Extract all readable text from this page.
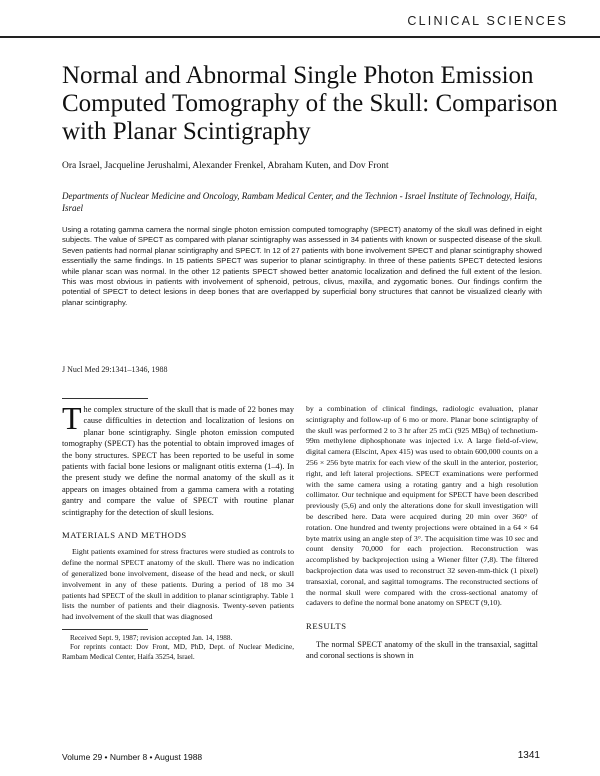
CLINICAL SCIENCES
Normal and Abnormal Single Photon Emission Computed Tomography of the Skull: Comparison with Planar Scintigraphy
Ora Israel, Jacqueline Jerushalmi, Alexander Frenkel, Abraham Kuten, and Dov Front
Departments of Nuclear Medicine and Oncology, Rambam Medical Center, and the Technion - Israel Institute of Technology, Haifa, Israel
Using a rotating gamma camera the normal single photon emission computed tomography (SPECT) anatomy of the skull was defined in eight subjects. The value of SPECT as compared with planar scintigraphy was assessed in 34 patients with known or suspected disease of the skull. Seven patients had normal planar scintigraphy and SPECT. In 12 of 27 patients with bone involvement SPECT and planar scintigraphy showed essentially the same findings. In 15 patients SPECT was superior to planar scintigraphy. In three of these patients SPECT detected lesions while planar scan was normal. In the other 12 patients SPECT showed better anatomic localization and defined the full extent of the lesion. This was most obvious in patients with involvement of sphenoid, petrous, clivus, maxilla, and zygomatic bones. Our findings confirm the potential of SPECT to detect lesions in deep bones that are overlapped by superficial bony structures that cannot be visualized clearly with planar scintigraphy.
J Nucl Med 29:1341–1346, 1988

The complex structure of the skull that is made of 22 bones may cause difficulties in detection and localization of lesions on planar bone scintigraphy. Single photon emission computed tomography (SPECT) has the potential to obtain improved images of the bony structures. SPECT has been reported to be useful in some patients with facial bone lesions or malignant otitis externa (1–4). In the present study we define the normal anatomy of the skull as it appears on images obtained from a gamma camera with a rotating gantry and compare the value of SPECT with routine planar scintigraphy for the detection of skull lesions.

MATERIALS AND METHODS

Eight patients examined for stress fractures were studied as controls to define the normal SPECT anatomy of the skull. There was no indication of generalized bone involvement, disease of the head and neck, or skull involvement in any of these patients. During a period of 18 mo 34 patients had SPECT of the skull in addition to planar scintigraphy. Table 1 lists the number of patients and their diagnosis. Twenty-seven patients had involvement of the skull that was diagnosed

Received Sept. 9, 1987; revision accepted Jan. 14, 1988.

For reprints contact: Dov Front, MD, PhD, Dept. of Nuclear Medicine, Rambam Medical Center, Haifa 35254, Israel.

by a combination of clinical findings, radiologic evaluation, planar scintigraphy and follow-up of 6 mo or more. Planar bone scintigraphy of the skull was performed 2 to 3 hr after 25 mCi (925 MBq) of technetium-99m methylene diphosphonate was injected i.v. A large field-of-view, digital camera (Elscint, Apex 415) was used to obtain 600,000 counts on a 256 × 256 byte matrix for each view of the skull in the anterior, posterior, right, and left lateral projections. SPECT examinations were performed with the same camera using a rotating gantry and a high resolution collimator. Our technique and equipment for SPECT have been described previously (5,6) and only the alterations done for skull investigation will be described here. Data were acquired during 20 min over 360° of rotation. One hundred and twenty projections were obtained in a 64 × 64 byte matrix using an angle step of 3°. The acquisition time was 10 sec and count density 70,000 for each projection. Reconstruction was accomplished by backprojection using a Wiener filter (7,8). The filtered backprojection data was used to reconstruct 32 seven-mm-thick (1 pixel) transaxial, coronal, and sagittal tomograms. The reconstructed sections of the normal skull were compared with the cross-sectional anatomy of cadavers to define the normal bone anatomy on SPECT (9,10).

RESULTS

The normal SPECT anatomy of the skull in the transaxial, sagittal and coronal sections is shown in

Volume 29 • Number 8 • August 1988	1341
